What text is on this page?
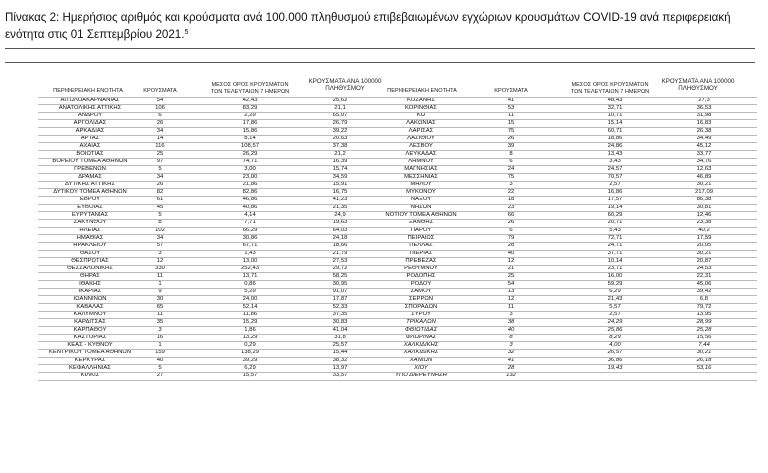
Πίνακας 2: Ημερήσιος αριθμός και κρούσματα ανά 100.000 πληθυσμού επιβεβαιωμένων εγχώριων κρουσμάτων COVID-19 ανά περιφερειακή
ενότητα στις 01 Σεπτεμβρίου 2021.$^5$
ΠΕΡΙΦΕΡΕΙΑΚΗ ΕΝΟΤΗΤΑ	ΚΡΟΥΣΜΑΤΑ
ΜΕΣΟΣ ΟΡΟΣ ΚΡΟΥΣΜΑΤΩΝ
ΤΩΝ ΤΕΛΕΥΤΑΙΩΝ 7 ΗΜΕΡΩΝ
ΚΡΟΥΣΜΑΤΑ ΑΝΑ 100000
ΠΛΗΘΥΣΜΟΥ	ΠΕΡΙΦΕΡΕΙΑΚΗ ΕΝΟΤΗΤΑ	ΚΡΟΥΣΜΑΤΑ
ΜΕΣΟΣ ΟΡΟΣ ΚΡΟΥΣΜΑΤΩΝ
ΤΩΝ ΤΕΛΕΥΤΑΙΩΝ 7 ΗΜΕΡΩΝ
ΚΡΟΥΣΜΑΤΑ ΑΝΑ 100000
ΠΛΗΘΥΣΜΟΥ
ΑΙΤΩΛΟΑΚΑΡΝΑΝΙΑΣ	54	42,43	25,62
ΑΝΑΤΟΛΙΚΗΣ ΑΤΤΙΚΗΣ	106	83,29	21,1
ΑΝΔΡΟΥ	6	2,29	65,07
ΑΡΓΟΛΙΔΑΣ	26	17,86	26,79
ΑΡΚΑΔΙΑΣ	34	15,86	39,22
ΑΡΤΑΣ	14	8,14	20,63
ΑΧΑΪΑΣ	116	108,57	37,38
ΒΟΙΩΤΙΑΣ	25	26,29	21,2
ΒΟΡΕΙΟΥ ΤΟΜΕΑ ΑΘΗΝΩΝ	97	74,71	16,39
ΓΡΕΒΕΝΩΝ	5	3,00	15,74
ΔΡΑΜΑΣ	34	23,00	34,59
ΔΥΤΙΚΗΣ ΑΤΤΙΚΗΣ	26	21,86	15,91
ΔΥΤΙΚΟΥ ΤΟΜΕΑ ΑΘΗΝΩΝ	82	82,86	16,75
ΕΒΡΟΥ	61	46,86	41,23
ΕΥΒΟΙΑΣ	45	40,86	21,35
ΕΥΡΥΤΑΝΙΑΣ	5	4,14	24,9
ΖΑΚΥΝΘΟΥ	8	7,71	19,63
ΗΛΕΙΑΣ	102	66,29	64,03
ΗΜΑΘΙΑΣ	34	30,86	24,18
ΗΡΑΚΛΕΙΟΥ	57	67,71	18,66
ΘΑΣΟΥ	3	1,43	21,79
ΘΕΣΠΡΩΤΙΑΣ	12	13,00	27,53
ΘΕΣΣΑΛΟΝΙΚΗΣ	330	252,43	29,72
ΘΗΡΑΣ	11	13,71	58,25
ΙΘΑΚΗΣ	1	0,86	30,95
ΙΚΑΡΙΑΣ	9	5,29	91,07
ΙΩΑΝΝΙΝΩΝ	30	24,00	17,87
ΚΑΒΑΛΑΣ	65	52,14	52,33
ΚΑΛΥΜΝΟΥ	11	11,86	37,35
ΚΑΡΔΙΤΣΑΣ	35	15,29	30,83
ΚΑΡΠΑΘΟΥ	3	1,86	41,04
ΚΑΣΤΟΡΙΑΣ	16	13,29	31,8
ΚΕΑΣ - ΚΥΘΝΟΥ	1	0,29	25,57
ΚΕΝΤΡΙΚΟΥ ΤΟΜΕΑ ΑΘΗΝΩΝ	159	138,29	15,44
ΚΕΡΚΥΡΑΣ	40	39,29	38,32
ΚΕΦΑΛΛΗΝΙΑΣ	5	6,29	13,97
ΚΙΛΚΙΣ	27	15,57	33,57
ΚΟΖΑΝΗΣ	41	48,43	27,3
ΚΟΡΙΝΘΙΑΣ	53	32,71	36,53
ΚΩ	11	10,71	31,98
ΛΑΚΩΝΙΑΣ	15	15,14	16,83
ΛΑΡΙΣΑΣ	75	60,71	26,38
ΛΑΣΙΘΙΟΥ	26	18,86	34,49
ΛΕΣΒΟΥ	39	24,86	45,12
ΛΕΥΚΑΔΑΣ	8	13,43	33,77
ΛΗΜΝΟΥ	6	3,43	34,76
ΜΑΓΝΗΣΙΑΣ	24	24,57	12,63
ΜΕΣΣΗΝΙΑΣ	75	70,57	46,89
ΜΗΛΟΥ	3	2,57	30,21
ΜΥΚΟΝΟΥ	22	16,86	217,09
ΝΑΞΟΥ	18	17,57	86,38
ΝΗΣΩΝ	23	19,14	30,81
ΝΟΤΙΟΥ ΤΟΜΕΑ ΑΘΗΝΩΝ	66	60,29	12,46
ΞΑΝΘΗΣ	26	20,71	23,38
ΠΑΡΟΥ	6	5,43	40,2
ΠΕΙΡΑΙΩΣ	79	72,71	17,59
ΠΕΛΛΑΣ	28	24,71	20,05
ΠΙΕΡΙΑΣ	40	37,71	30,21
ΠΡΕΒΕΖΑΣ	12	10,14	20,87
ΡΕΘΥΜΝΟΥ	21	23,71	24,53
ΡΟΔΟΠΗΣ	25	16,00	22,31
ΡΟΔΟΥ	54	59,29	45,06
ΣΑΜΟΥ	13	6,29	39,42
ΣΕΡΡΩΝ	12	21,43	6,8
ΣΠΟΡΑΔΩΝ	11	5,57	79,72
ΣΥΡΟΥ	3	2,57	13,95
ΤΡΙΚΑΛΩΝ	38	24,29	28,99
ΦΘΙΩΤΙΔΑΣ	40	25,86	25,28
ΦΛΩΡΙΝΑΣ	8	8,29	15,56
ΧΑΛΚΙΔΙΚΗΣ	3	4,00	7,44
ΧΑΛΚΙΔΙΚΗΣ	32	26,57	30,21
ΧΑΝΙΩΝ	41	36,86	26,18
ΧΙΟΥ	28	19,43	53,16
ΥΠΟ ΔΙΕΡΕΥΝΗΣΗ	132
